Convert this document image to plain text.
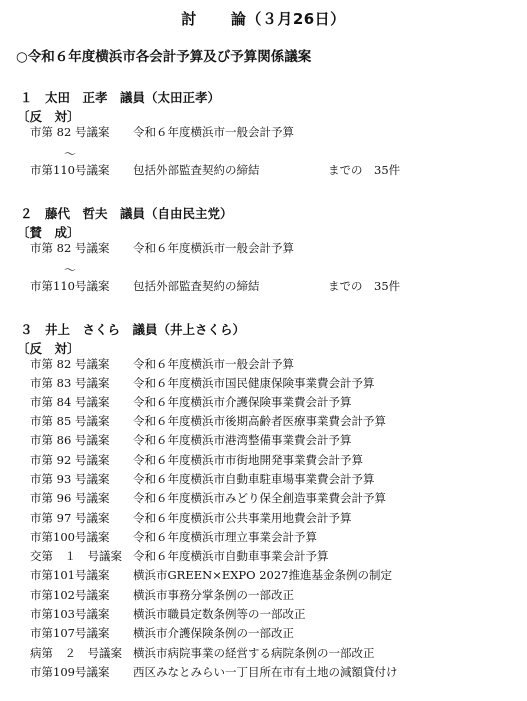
討 論（３月26日）
○令和６年度横浜市各会計予算及び予算関係議案
１　太田　正孝　議員（太田正孝）
〔反　対〕
市第 82 号議案	令和６年度横浜市一般会計予算
～
市第110号議案	包括外部監査契約の締結	までの　35件
２　藤代　哲夫　議員（自由民主党）
〔賛　成〕
市第 82 号議案	令和６年度横浜市一般会計予算
～
市第110号議案	包括外部監査契約の締結	までの　35件
３　井上　さくら　議員（井上さくら）
〔反　対〕
市第 82 号議案	令和６年度横浜市一般会計予算
市第 83 号議案	令和６年度横浜市国民健康保険事業費会計予算
市第 84 号議案	令和６年度横浜市介護保険事業費会計予算
市第 85 号議案	令和６年度横浜市後期高齢者医療事業費会計予算
市第 86 号議案	令和６年度横浜市港湾整備事業費会計予算
市第 92 号議案	令和６年度横浜市市街地開発事業費会計予算
市第 93 号議案	令和６年度横浜市自動車駐車場事業費会計予算
市第 96 号議案	令和６年度横浜市みどり保全創造事業費会計予算
市第 97 号議案	令和６年度横浜市公共事業用地費会計予算
市第100号議案	令和６年度横浜市理立事業会計予算
交第　１　号議案 令和６年度横浜市自動車事業会計予算
市第101号議案	横浜市GREEN×EXPO 2027推進基金条例の制定
市第102号議案	横浜市事務分掌条例の一部改正
市第103号議案	横浜市職員定数条例等の一部改正
市第107号議案	横浜市介護保険条例の一部改正
病第　２　号議案 横浜市病院事業の経営する病院条例の一部改正
市第109号議案	西区みなとみらい一丁目所在市有土地の減額貸付け
